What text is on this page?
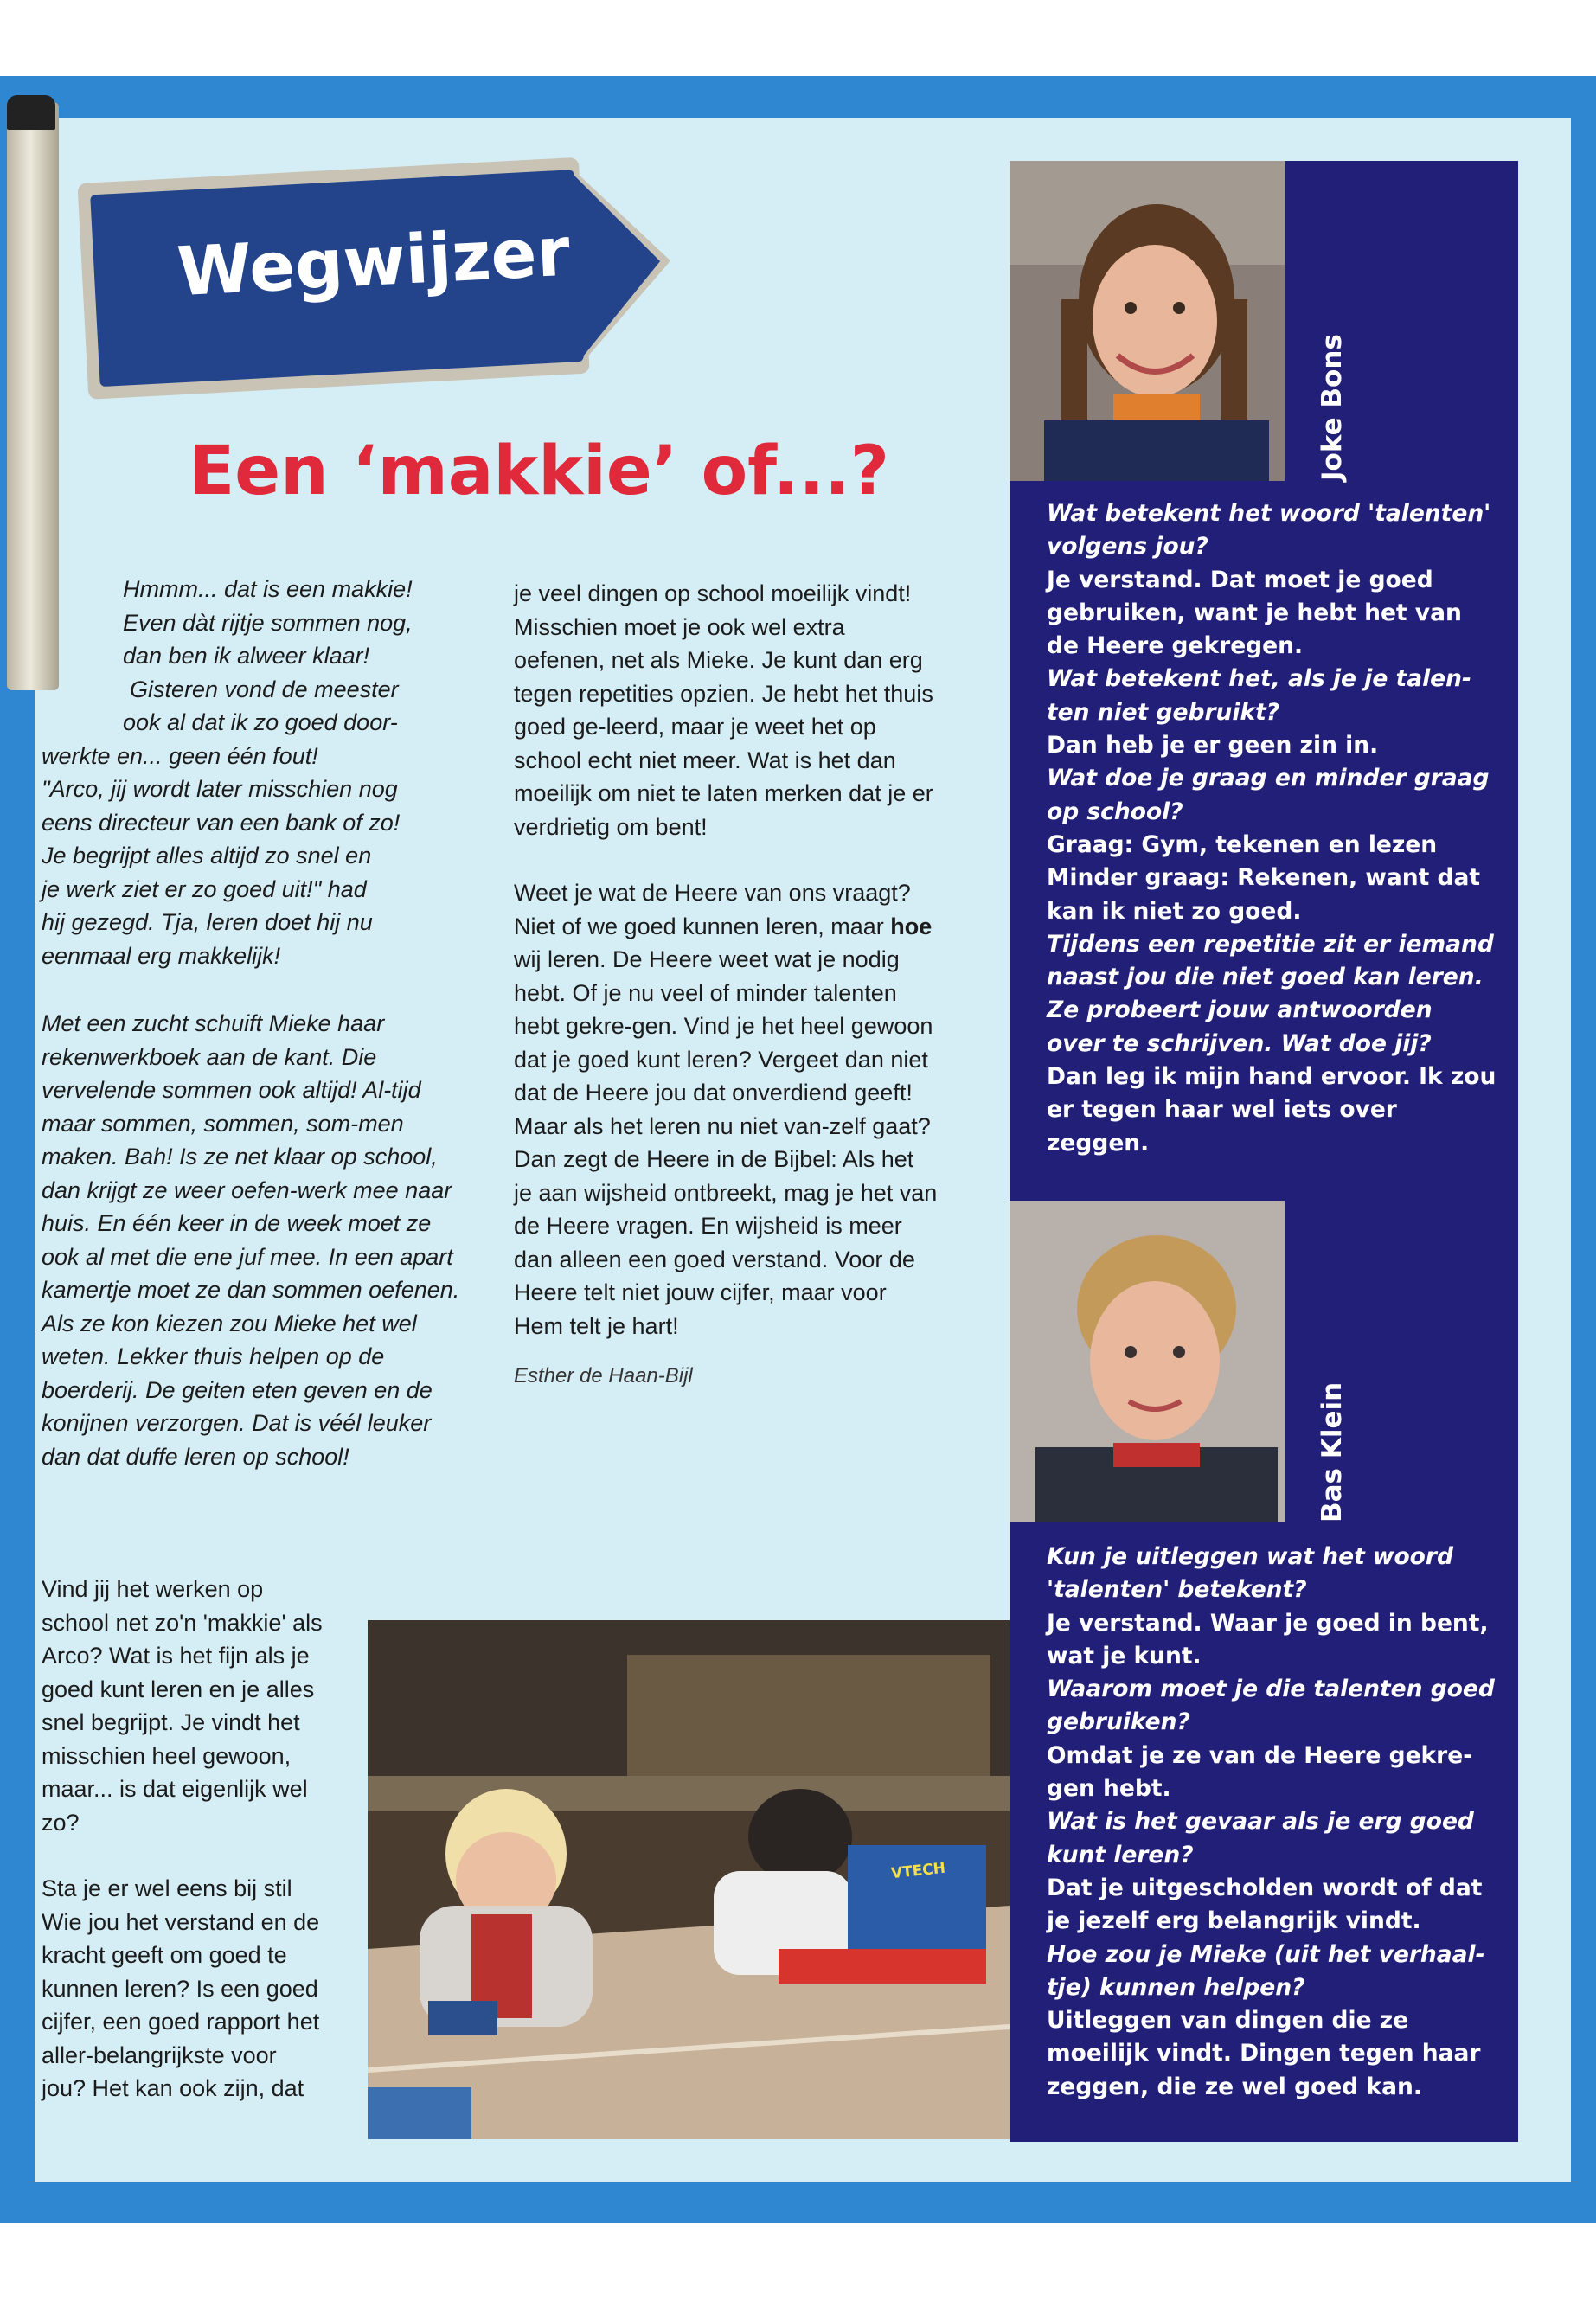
Wegwijzer
Een ‘makkie’ of...?
Hmmm... dat is een makkie!
Even dàt rijtje sommen nog,
dan ben ik alweer klaar!
Gisteren vond de meester
ook al dat ik zo goed door-
werkte en... geen één fout!
"Arco, jij wordt later misschien nog
eens directeur van een bank of zo!
Je begrijpt alles altijd zo snel en
je werk ziet er zo goed uit!" had
hij gezegd. Tja, leren doet hij nu
eenmaal erg makkelijk!
Met een zucht schuift Mieke haar rekenwerkboek aan de kant. Die vervelende sommen ook altijd! Al-tijd maar sommen, sommen, som-men maken. Bah! Is ze net klaar op school, dan krijgt ze weer oefen-werk mee naar huis. En één keer in de week moet ze ook al met die ene juf mee. In een apart kamertje moet ze dan sommen oefenen. Als ze kon kiezen zou Mieke het wel weten. Lekker thuis helpen op de boerderij. De geiten eten geven en de konijnen verzorgen. Dat is véél leuker dan dat duffe leren op school!
Vind jij het werken op school net zo'n 'makkie' als Arco? Wat is het fijn als je goed kunt leren en je alles snel begrijpt. Je vindt het misschien heel gewoon, maar... is dat eigenlijk wel zo?
Sta je er wel eens bij stil Wie jou het verstand en de kracht geeft om goed te kunnen leren? Is een goed cijfer, een goed rapport het aller-belangrijkste voor jou? Het kan ook zijn, dat

je veel dingen op school moeilijk vindt! Misschien moet je ook wel extra oefenen, net als Mieke. Je kunt dan erg tegen repetities opzien. Je hebt het thuis goed ge-leerd, maar je weet het op school echt niet meer. Wat is het dan moeilijk om niet te laten merken dat je er verdrietig om bent!

Weet je wat de Heere van ons vraagt? Niet of we goed kunnen leren, maar hoe wij leren. De Heere weet wat je nodig hebt. Of je nu veel of minder talenten hebt gekre-gen. Vind je het heel gewoon dat je goed kunt leren? Vergeet dan niet dat de Heere jou dat onverdiend geeft!

Maar als het leren nu niet van-zelf gaat? Dan zegt de Heere in de Bijbel: Als het je aan wijsheid ontbreekt, mag je het van de Heere vragen. En wijsheid is meer dan alleen een goed verstand. Voor de Heere telt niet jouw cijfer, maar voor Hem telt je hart!

Esther de Haan-Bijl
Joke Bons
Wat betekent het woord 'talenten' volgens jou?
Je verstand. Dat moet je goed gebruiken, want je hebt het van de Heere gekregen.
Wat betekent het, als je je talen-ten niet gebruikt?
Dan heb je er geen zin in.
Wat doe je graag en minder graag op school?
Graag: Gym, tekenen en lezen Minder graag: Rekenen, want dat kan ik niet zo goed.
Tijdens een repetitie zit er iemand naast jou die niet goed kan leren. Ze probeert jouw antwoorden over te schrijven. Wat doe jij?
Dan leg ik mijn hand ervoor. Ik zou er tegen haar wel iets over zeggen.
Bas Klein
Kun je uitleggen wat het woord 'talenten' betekent?
Je verstand. Waar je goed in bent, wat je kunt.
Waarom moet je die talenten goed gebruiken?
Omdat je ze van de Heere gekre-gen hebt.
Wat is het gevaar als je erg goed kunt leren?
Dat je uitgescholden wordt of dat je jezelf erg belangrijk vindt.
Hoe zou je Mieke (uit het verhaal-tje) kunnen helpen?
Uitleggen van dingen die ze moeilijk vindt. Dingen tegen haar zeggen, die ze wel goed kan.
VTECH
